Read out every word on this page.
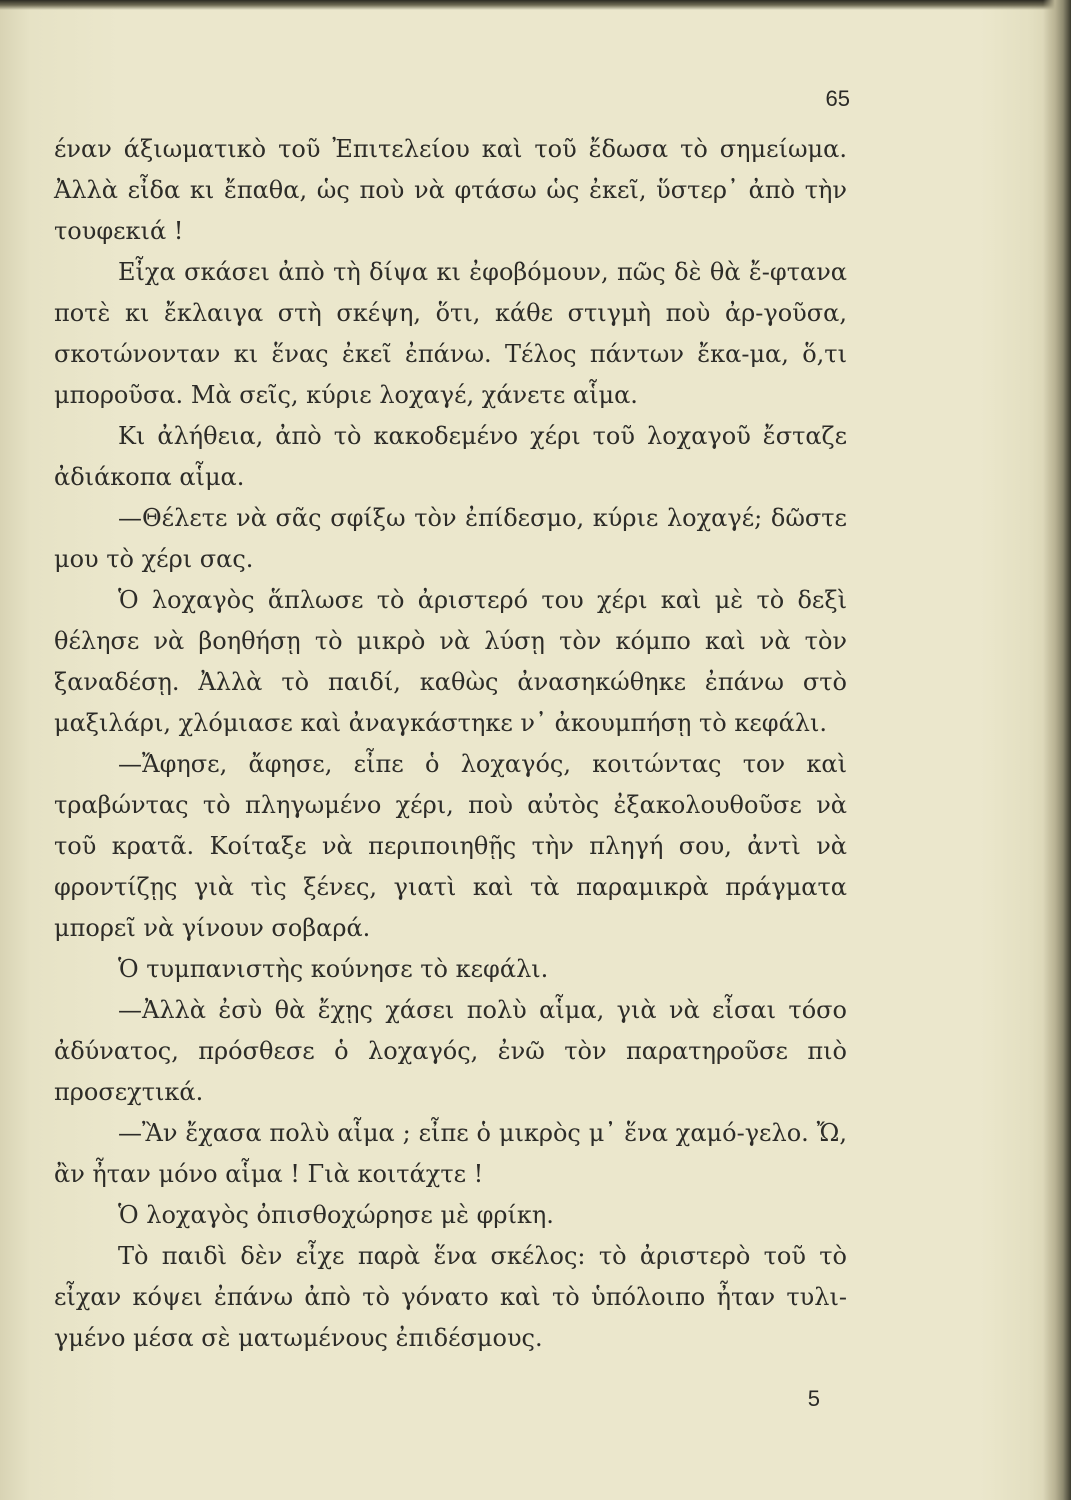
65

έναν άξιωματικὸ τοῦ Ἐπιτελείου καὶ τοῦ ἔδωσα τὸ σημείωμα. Ἀλλὰ εἶδα κι ἔπαθα, ὡς ποὺ νὰ φτάσω ὡς ἐκεῖ, ὕστερ᾽ ἀπὸ τὴν τουφεκιά !

Εἶχα σκάσει ἀπὸ τὴ δίψα κι ἐφοβόμουν, πῶς δὲ θὰ ἔ-φτανα ποτὲ κι ἔκλαιγα στὴ σκέψη, ὅτι, κάθε στιγμὴ ποὺ ἀρ-γοῦσα, σκοτώνονταν κι ἕνας ἐκεῖ ἐπάνω. Τέλος πάντων ἔκα-μα, ὅ,τι μποροῦσα. Μὰ σεῖς, κύριε λοχαγέ, χάνετε αἷμα.

Κι ἀλήθεια, ἀπὸ τὸ κακοδεμένο χέρι τοῦ λοχαγοῦ ἔσταζε ἀδιάκοπα αἷμα.

—Θέλετε νὰ σᾶς σφίξω τὸν ἐπίδεσμο, κύριε λοχαγέ; δῶστε μου τὸ χέρι σας.

Ὁ λοχαγὸς ἅπλωσε τὸ ἀριστερό του χέρι καὶ μὲ τὸ δεξὶ θέλησε νὰ βοηθήσῃ τὸ μικρὸ νὰ λύσῃ τὸν κόμπο καὶ νὰ τὸν ξαναδέσῃ. Ἀλλὰ τὸ παιδί, καθὼς ἀνασηκώθηκε ἐπάνω στὸ μαξιλάρι, χλόμιασε καὶ ἀναγκάστηκε ν᾽ ἀκουμπήσῃ τὸ κεφάλι.

—Ἄφησε, ἄφησε, εἶπε ὁ λοχαγός, κοιτώντας τον καὶ τραβώντας τὸ πληγωμένο χέρι, ποὺ αὐτὸς ἐξακολουθοῦσε νὰ τοῦ κρατᾶ. Κοίταξε νὰ περιποιηθῇς τὴν πληγή σου, ἀντὶ νὰ φροντίζῃς γιὰ τὶς ξένες, γιατὶ καὶ τὰ παραμικρὰ πράγματα μπορεῖ νὰ γίνουν σοβαρά.

Ὁ τυμπανιστὴς κούνησε τὸ κεφάλι.

—Ἀλλὰ ἐσὺ θὰ ἔχῃς χάσει πολὺ αἷμα, γιὰ νὰ εἶσαι τόσο ἀδύνατος, πρόσθεσε ὁ λοχαγός, ἐνῶ τὸν παρατηροῦσε πιὸ προσεχτικά.

—Ἂν ἔχασα πολὺ αἷμα ; εἶπε ὁ μικρὸς μ᾽ ἕνα χαμό-γελο. Ὤ, ἂν ἦταν μόνο αἷμα ! Γιὰ κοιτάχτε !

Ὁ λοχαγὸς ὀπισθοχώρησε μὲ φρίκη.

Τὸ παιδὶ δὲν εἶχε παρὰ ἕνα σκέλος: τὸ ἀριστερὸ τοῦ τὸ εἶχαν κόψει ἐπάνω ἀπὸ τὸ γόνατο καὶ τὸ ὑπόλοιπο ἦταν τυλι-γμένο μέσα σὲ ματωμένους ἐπιδέσμους.

5
